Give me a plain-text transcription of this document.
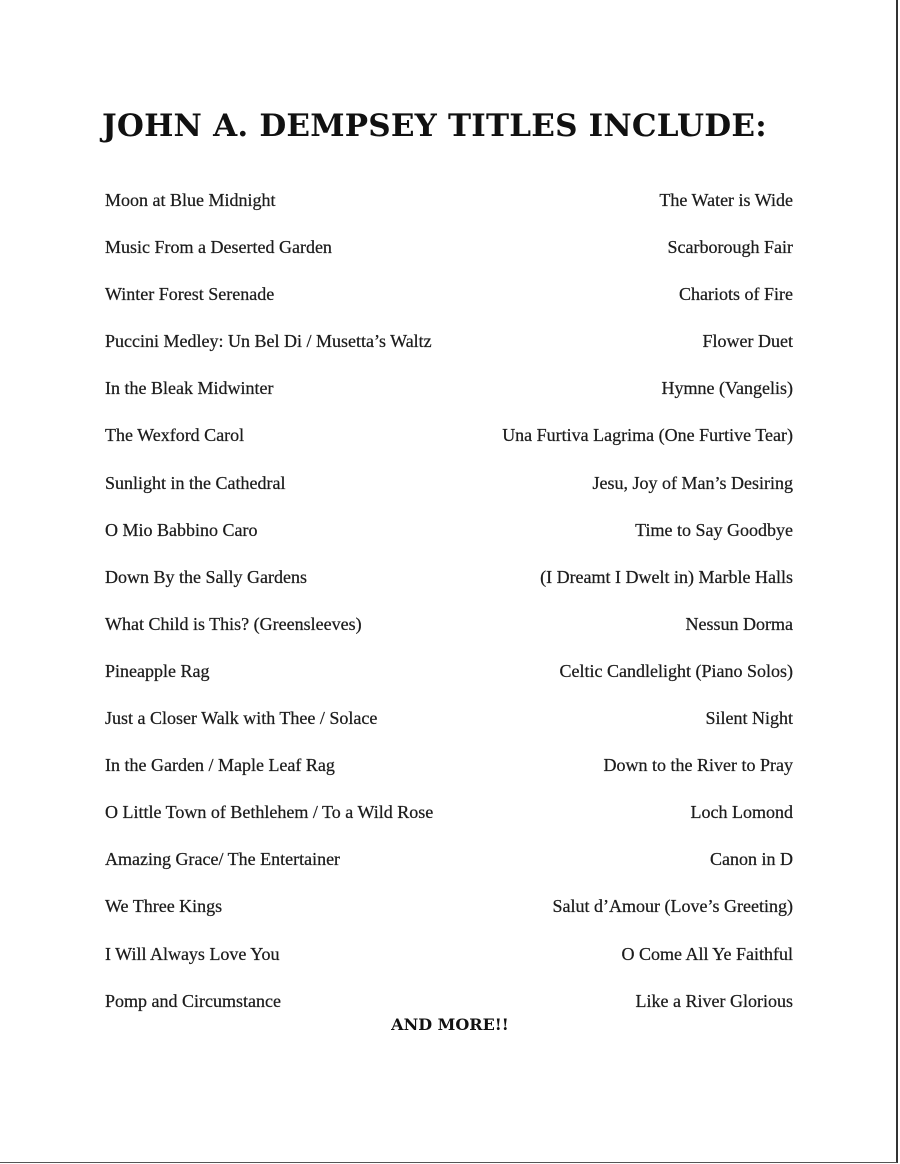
JOHN A. DEMPSEY TITLES INCLUDE:
Moon at Blue Midnight	The Water is Wide
Music From a Deserted Garden	Scarborough Fair
Winter Forest Serenade	Chariots of Fire
Puccini Medley: Un Bel Di / Musetta’s Waltz	Flower Duet
In the Bleak Midwinter	Hymne (Vangelis)
The Wexford Carol	Una Furtiva Lagrima (One Furtive Tear)
Sunlight in the Cathedral	Jesu, Joy of Man’s Desiring
O Mio Babbino Caro	Time to Say Goodbye
Down By the Sally Gardens	(I Dreamt I Dwelt in) Marble Halls
What Child is This? (Greensleeves)	Nessun Dorma
Pineapple Rag	Celtic Candlelight (Piano Solos)
Just a Closer Walk with Thee / Solace	Silent Night
In the Garden / Maple Leaf Rag	Down to the River to Pray
O Little Town of Bethlehem / To a Wild Rose	Loch Lomond
Amazing Grace/ The Entertainer	Canon in D
We Three Kings	Salut d’Amour (Love’s Greeting)
I Will Always Love You	O Come All Ye Faithful
Pomp and Circumstance	Like a River Glorious
AND MORE!!
